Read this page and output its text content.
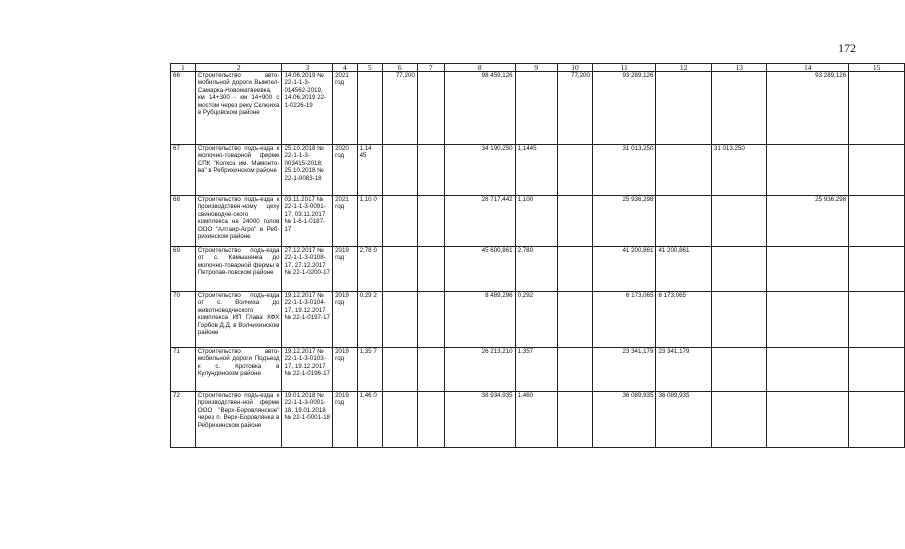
172
1	2	3	4	5	6	7	8	9	10	11	12	13	14	15
66	Строительство авто-мобильной дороги Вымпел-Самарка-Новоматвеевка, км 14+300 - км 14+900 с мостом через реку Склюиха в Рубцовском районе	14.06.2019 № 22-1-1-3-014562-2019, 14.06.2019 22-1-0226-19	2021 год		77,200		98 459,126		77,200	93 289,126			93 289,126	
67	Строительство подъ-езда к молочно-товарной ферме СПК "Колхоз им. Мамонто-ва" в Ребрихинском районе	25.10.2018 № 22-1-1-3-003415-2018; 25.10.2018 № 22-1-0083-18	2020 год	1,14 45			34 190,250	1,1445		31 013,250		31 013,250		
68	Строительство подъ-езда к производствен-ному цеху свиноводче-ского комплекса на 24000 голов ООО "Алтаир-Агро" в Реб-рихинском районе	03.11.2017 № 22-1-1-3-0091-17, 03.11.2017 № 1-6-1-0187-17	2021 год	1,10 0			28 717,442	1,100		25 936,298			25 936,298	
69	Строительство подъ-езда от с. Камышенка до молочно-товарной фермы в Петропав-ловском районе	27.12.2017 № 22-1-1-3-0108-17, 27.12.2017 № 22-1-0200-17	2019 год	2,78 0			45 600,861	2,780		41 200,861	41 200,861			
70	Строительство подъ-езда от с. Волчиха до животноводческого комплекса ИП Глава КФХ Горбов Д.Д. в Волчихинском районе	19.12.2017 № 22-1-1-3-0104-17, 19.12.2017 № 22-1-0197-17	2019 год	0,29 2			8 489,296	0,292		6 173,065	6 173,065			
71	Строительство авто-мобильной дороги Подъезд к с. Кротовка в Кулундинском районе	19.12.2017 № 22-1-1-3-0103-17, 19.12.2017 № 22-1-0196-17	2019 год	1,35 7			26 213,210	1,357		23 341,179	23 341,179			
72	Строительство подъ-езда к производствен-ной ферме ООО "Верх-Боровлянское" через п. Верх-Боровлянка в Ребрихинском районе	19.01.2018 № 22-1-1-3-0001-18, 19.01.2018 № 22-1-0001-18	2019 год	1,46 0			38 934,935	1,460		36 089,935	36 089,935			
